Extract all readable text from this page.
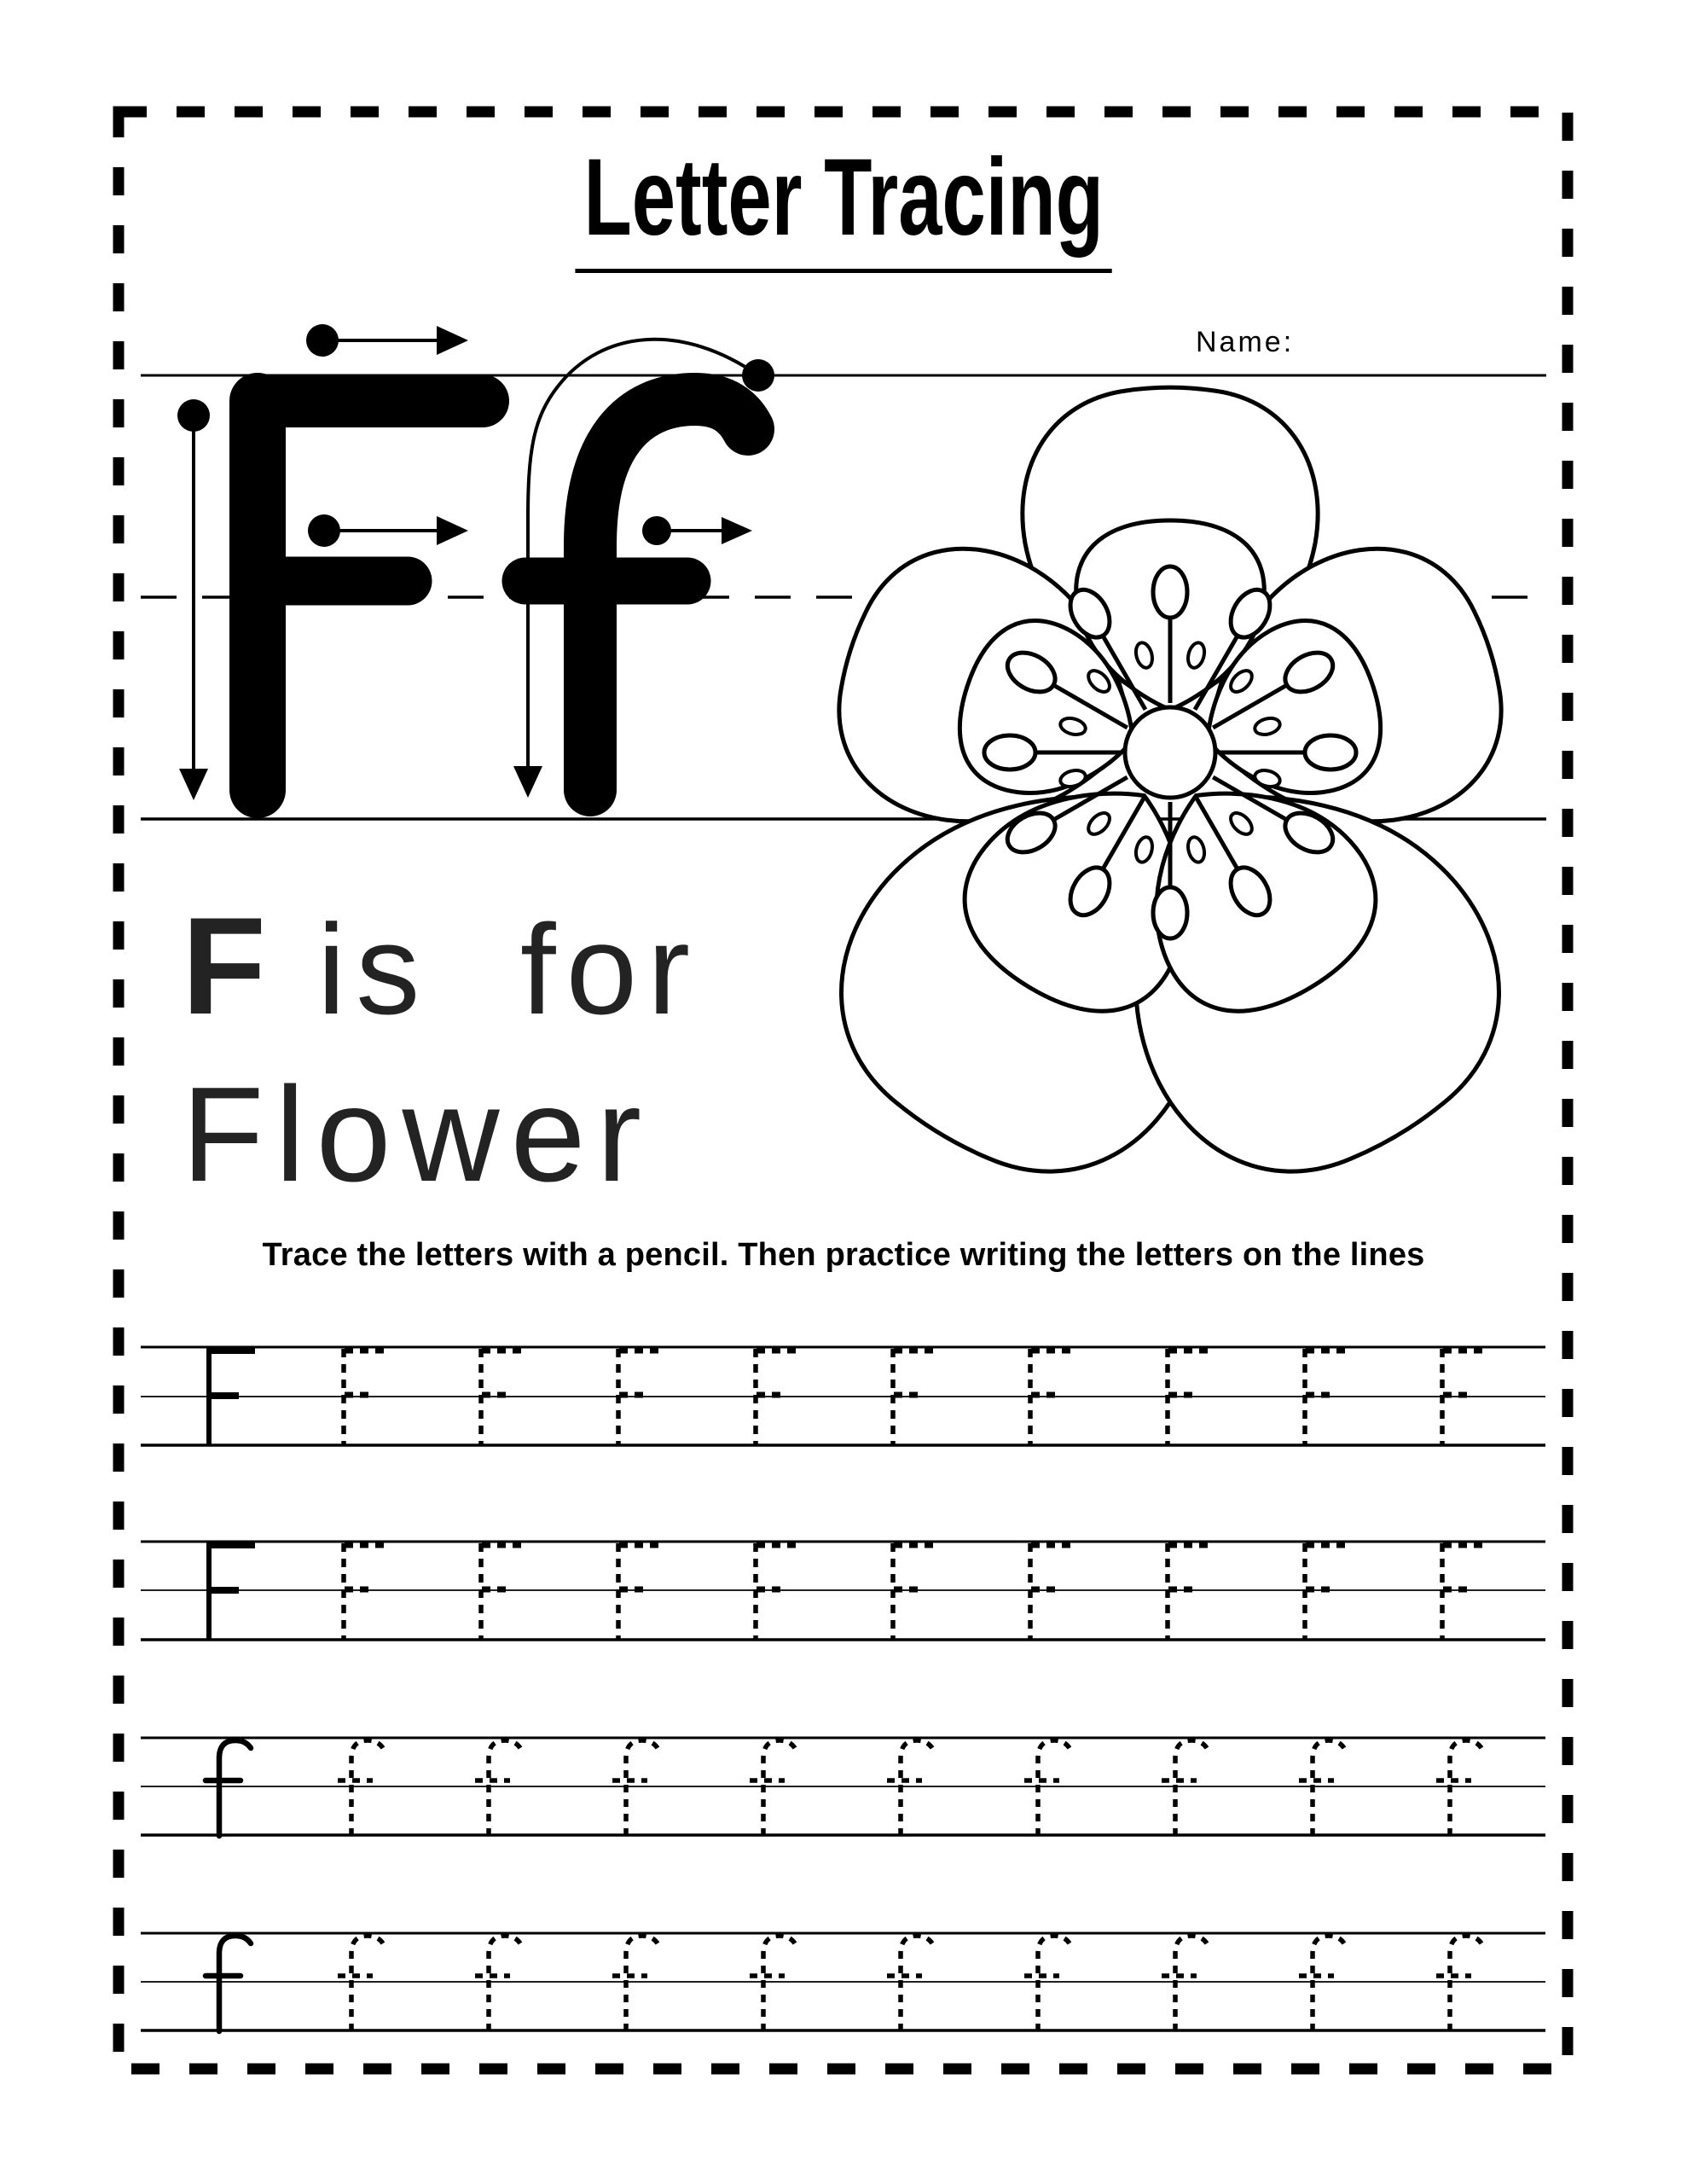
Letter Tracing
Name:
F is for
Flower
Trace the letters with a pencil. Then practice writing the letters on the lines
